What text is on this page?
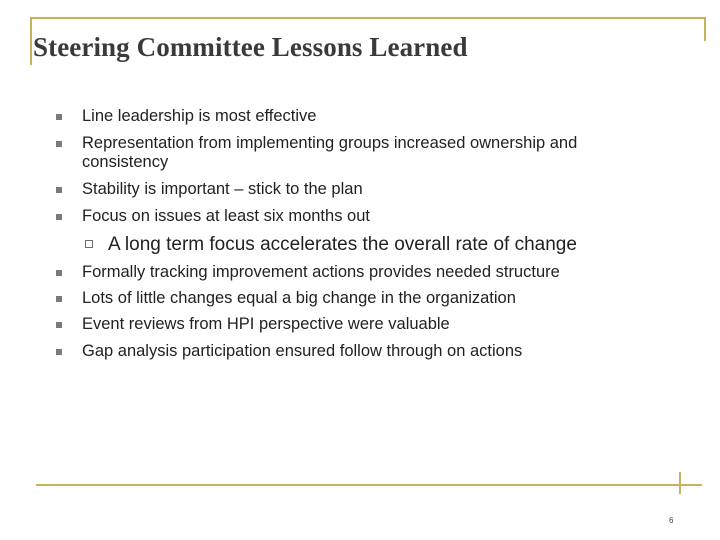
Steering Committee Lessons Learned
Line leadership is most effective
Representation from implementing groups increased ownership and
consistency
Stability is important – stick to the plan
Focus on issues at least six months out
A long term focus accelerates the overall rate of change
Formally tracking improvement actions provides needed structure
Lots of little changes equal a big change in the organization
Event reviews from HPI perspective were valuable
Gap analysis participation ensured follow through on actions
6
